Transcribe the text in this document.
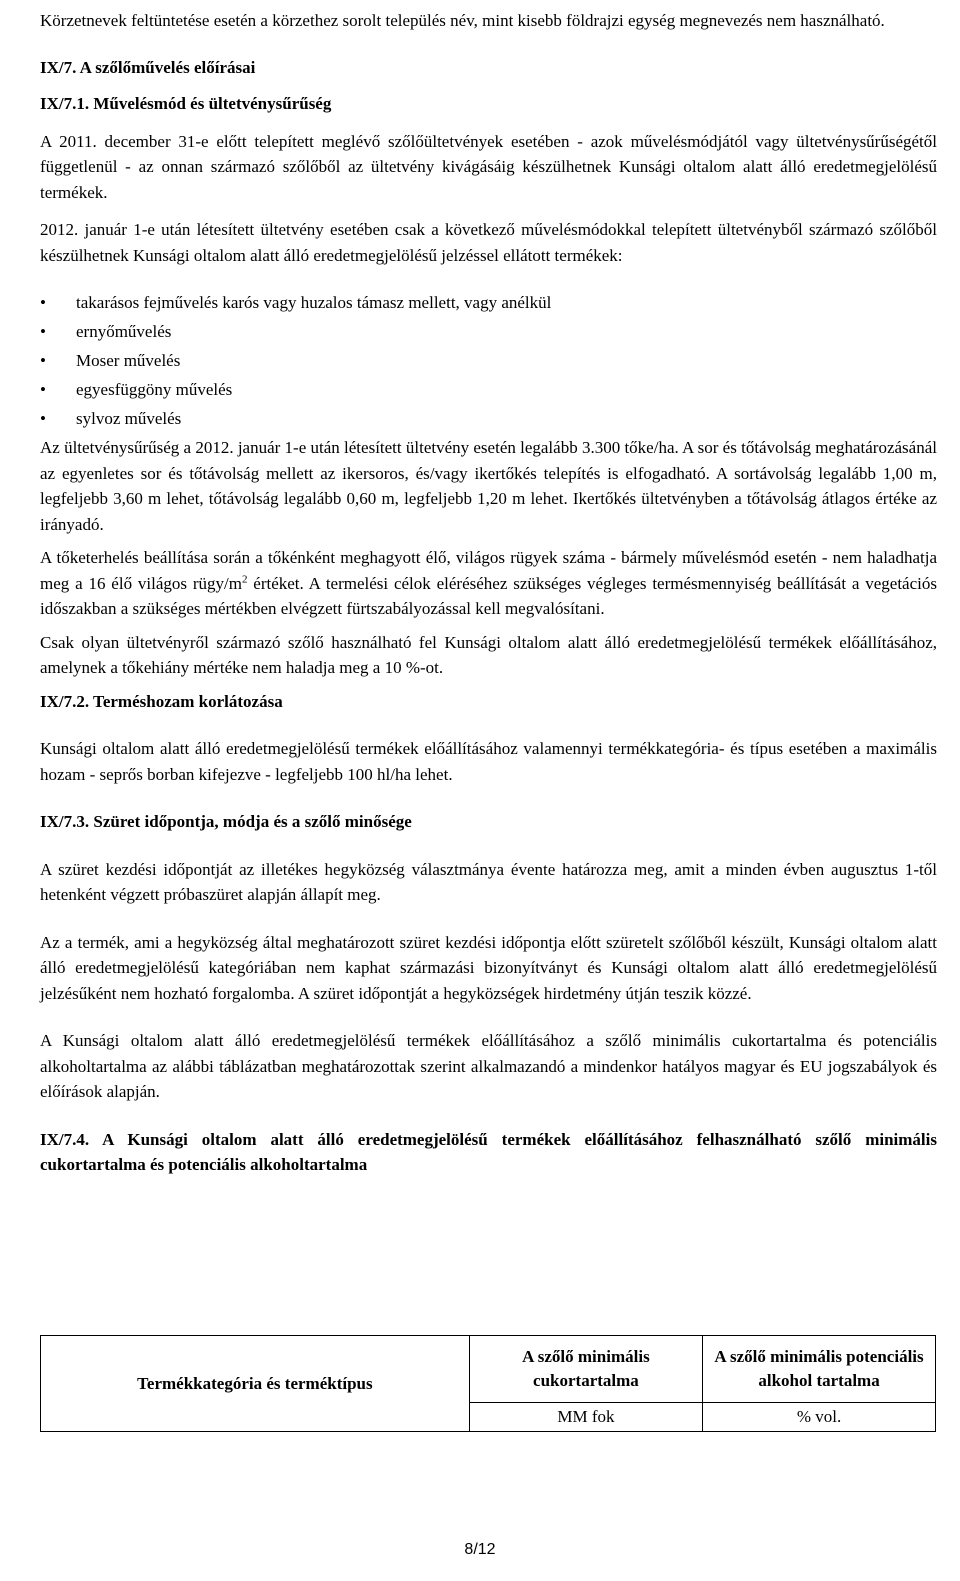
Körzetnevek feltüntetése esetén a körzethez sorolt település név, mint kisebb földrajzi egység megnevezés nem használható.

IX/7. A szőlőművelés előírásai

IX/7.1. Művelésmód és ültetvénysűrűség

A 2011. december 31-e előtt telepített meglévő szőlőültetvények esetében - azok művelésmódjától vagy ültetvénysűrűségétől függetlenül - az onnan származó szőlőből az ültetvény kivágásáig készülhetnek Kunsági oltalom alatt álló eredetmegjelölésű termékek.

2012. január 1-e után létesített ültetvény esetében csak a következő művelésmódokkal telepített ültetvényből származó szőlőből készülhetnek Kunsági oltalom alatt álló eredetmegjelölésű jelzéssel ellátott termékek:

• takarásos fejművelés karós vagy huzalos támasz mellett, vagy anélkül
• ernyőművelés
• Moser művelés
• egyesfüggöny művelés
• sylvoz művelés

Az ültetvénysűrűség a 2012. január 1-e után létesített ültetvény esetén legalább 3.300 tőke/ha. A sor és tőtávolság meghatározásánál az egyenletes sor és tőtávolság mellett az ikersoros, és/vagy ikertőkés telepítés is elfogadható. A sortávolság legalább 1,00 m, legfeljebb 3,60 m lehet, tőtávolság legalább 0,60 m, legfeljebb 1,20 m lehet. Ikertőkés ültetvényben a tőtávolság átlagos értéke az irányadó.

A tőketerhelés beállítása során a tőkénként meghagyott élő, világos rügyek száma - bármely művelésmód esetén - nem haladhatja meg a 16 élő világos rügy/$m^2$ értéket. A termelési célok eléréséhez szükséges végleges termésmennyiség beállítását a vegetációs időszakban a szükséges mértékben elvégzett fürtszabályozással kell megvalósítani.

Csak olyan ültetvényről származó szőlő használható fel Kunsági oltalom alatt álló eredetmegjelölésű termékek előállításához, amelynek a tőkehiány mértéke nem haladja meg a 10 %-ot.

IX/7.2. Terméshozam korlátozása

Kunsági oltalom alatt álló eredetmegjelölésű termékek előállításához valamennyi termékkategória- és típus esetében a maximális hozam - seprős borban kifejezve - legfeljebb 100 hl/ha lehet.

IX/7.3. Szüret időpontja, módja és a szőlő minősége

A szüret kezdési időpontját az illetékes hegyközség választmánya évente határozza meg, amit a minden évben augusztus 1-től hetenként végzett próbaszüret alapján állapít meg.

Az a termék, ami a hegyközség által meghatározott szüret kezdési időpontja előtt szüretelt szőlőből készült, Kunsági oltalom alatt álló eredetmegjelölésű kategóriában nem kaphat származási bizonyítványt és Kunsági oltalom alatt álló eredetmegjelölésű jelzésűként nem hozható forgalomba. A szüret időpontját a hegyközségek hirdetmény útján teszik közzé.

A Kunsági oltalom alatt álló eredetmegjelölésű termékek előállításához a szőlő minimális cukortartalma és potenciális alkoholtartalma az alábbi táblázatban meghatározottak szerint alkalmazandó a mindenkor hatályos magyar és EU jogszabályok és előírások alapján.

IX/7.4. A Kunsági oltalom alatt álló eredetmegjelölésű termékek előállításához felhasználható szőlő minimális cukortartalma és potenciális alkoholtartalma

Termékkategória és terméktípus	A szőlő minimális cukortartalma	A szőlő minimális potenciális alkohol tartalma
	MM fok	% vol.
8/12
